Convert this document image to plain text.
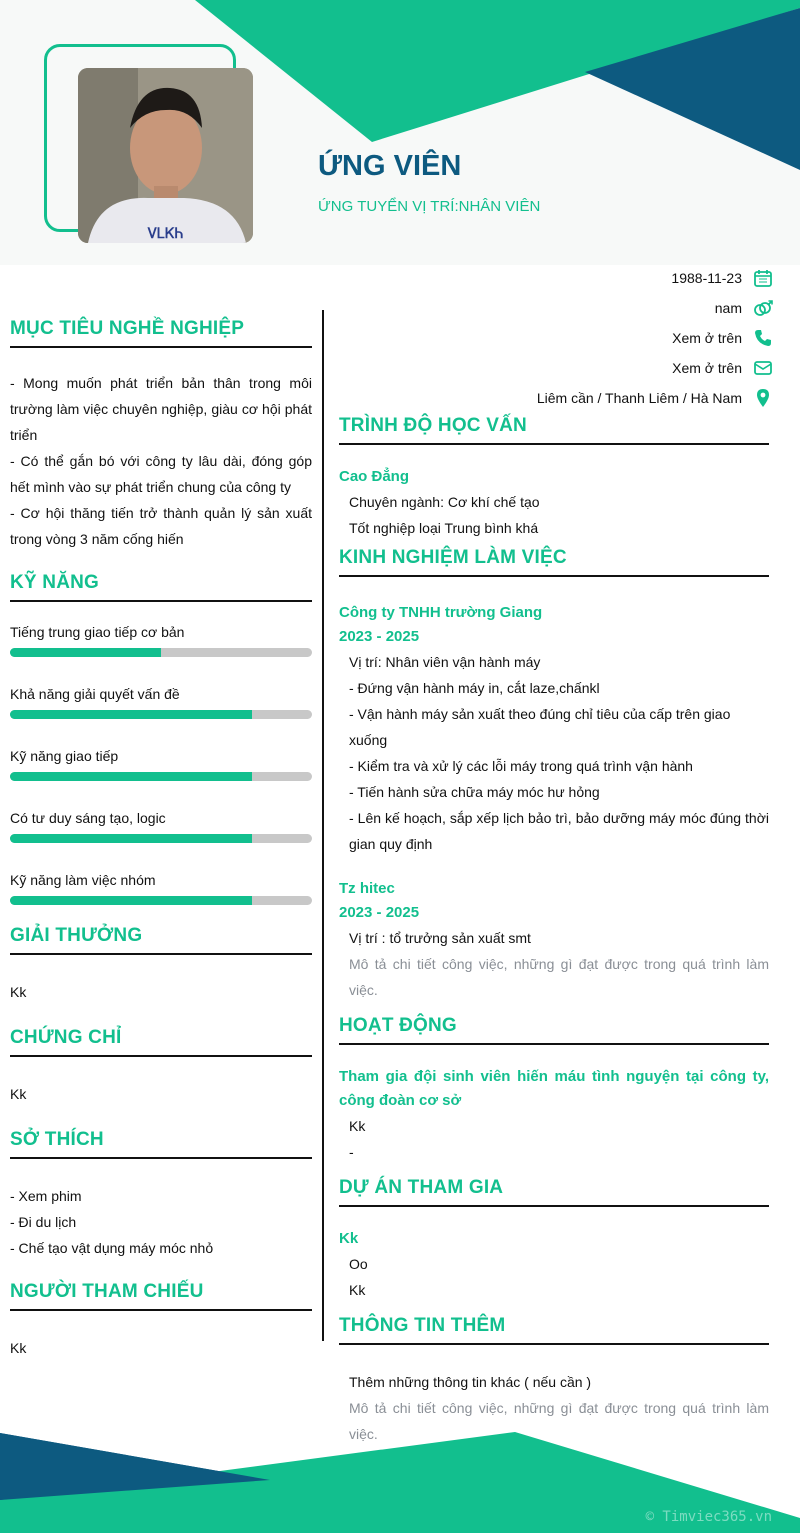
ᏙᏞᏦᏂ
ỨNG VIÊN
ỨNG TUYỂN VỊ TRÍ:NHÂN VIÊN
1988-11-23
nam
Xem ở trên
Xem ở trên
Liêm cần / Thanh Liêm / Hà Nam
MỤC TIÊU NGHỀ NGHIỆP
- Mong muốn phát triển bản thân trong môi trường làm việc chuyên nghiệp, giàu cơ hội phát triển
- Có thể gắn bó với công ty lâu dài, đóng góp hết mình vào sự phát triển chung của công ty
- Cơ hội thăng tiến trở thành quản lý sản xuất trong vòng 3 năm cống hiến
KỸ NĂNG
Tiếng trung giao tiếp cơ bản
Khả năng giải quyết vấn đề
Kỹ năng giao tiếp
Có tư duy sáng tạo, logic
Kỹ năng làm việc nhóm
GIẢI THƯỞNG
Kk
CHỨNG CHỈ
Kk
SỞ THÍCH
- Xem phim
- Đi du lịch
- Chế tạo vật dụng máy móc nhỏ
NGƯỜI THAM CHIẾU
Kk
TRÌNH ĐỘ HỌC VẤN
Cao Đẳng
Chuyên ngành: Cơ khí chế tạo
Tốt nghiệp loại Trung bình khá
KINH NGHIỆM LÀM VIỆC
Công ty TNHH trường Giang
2023 - 2025
Vị trí: Nhân viên vận hành máy
- Đứng vận hành máy in, cắt laze,chấnkl
- Vận hành máy sản xuất theo đúng chỉ tiêu của cấp trên giao xuống
- Kiểm tra và xử lý các lỗi máy trong quá trình vận hành
- Tiến hành sửa chữa máy móc hư hỏng
- Lên kế hoạch, sắp xếp lịch bảo trì, bảo dưỡng máy móc đúng thời gian quy định
Tz hitec
2023 - 2025
Vị trí : tổ trưởng sản xuất smt
Mô tả chi tiết công việc, những gì đạt được trong quá trình làm việc.
HOẠT ĐỘNG
Tham gia đội sinh viên hiến máu tình nguyện tại công ty, công đoàn cơ sở
Kk
-
DỰ ÁN THAM GIA
Kk
Oo
Kk
THÔNG TIN THÊM
Thêm những thông tin khác ( nếu cần )
Mô tả chi tiết công việc, những gì đạt được trong quá trình làm việc.
© Timviec365.vn
